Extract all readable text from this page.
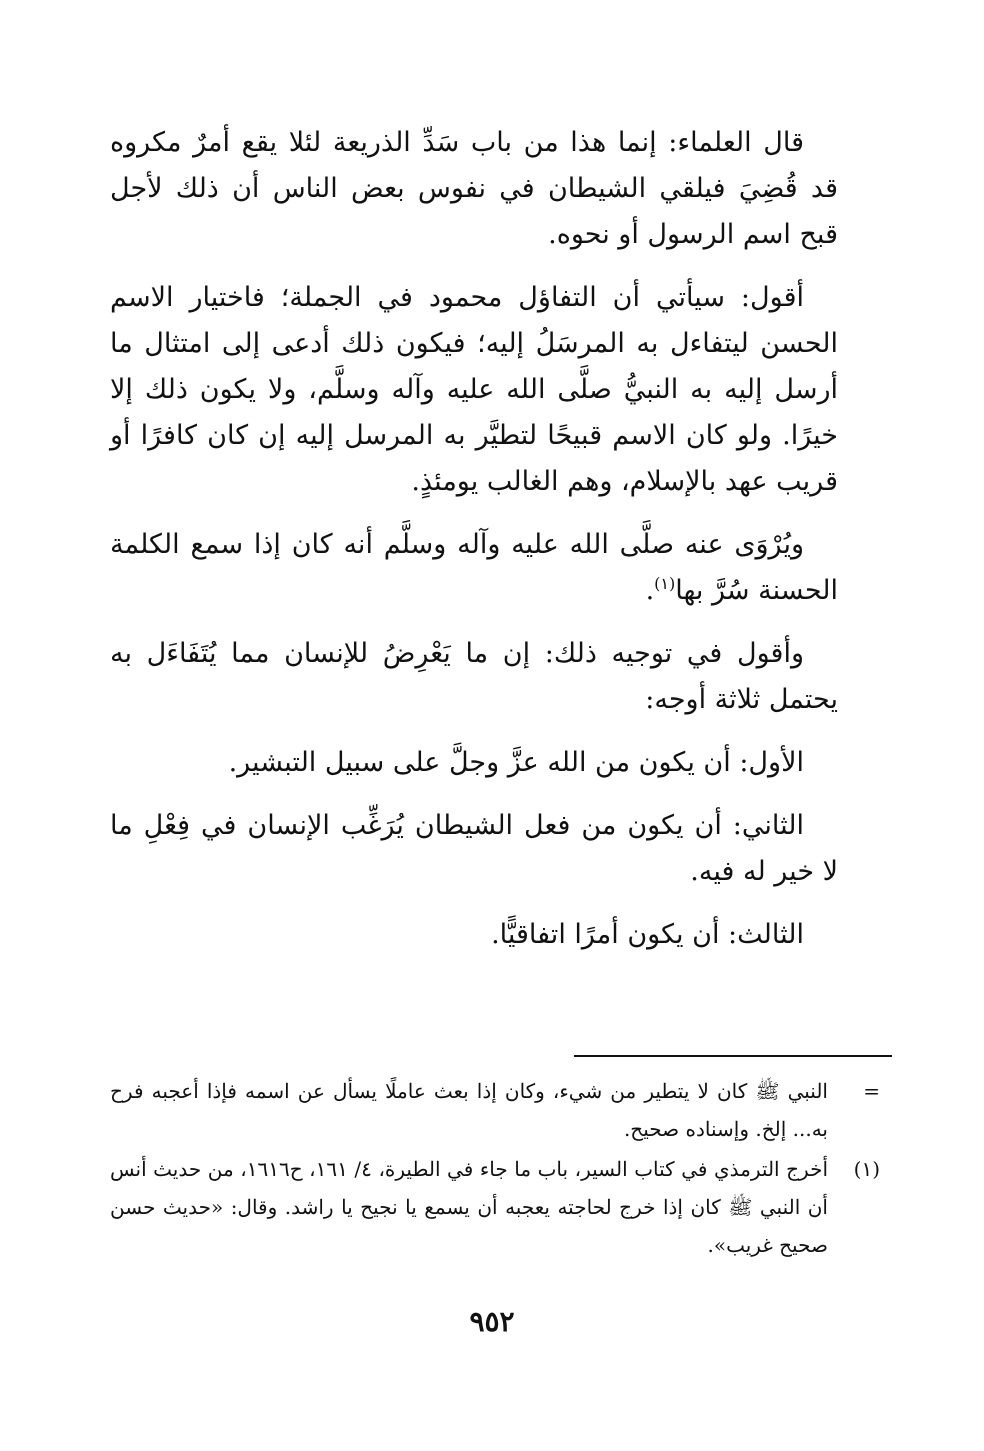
قال العلماء: إنما هذا من باب سَدِّ الذريعة لئلا يقع أمرٌ مكروه قد قُضِيَ فيلقي الشيطان في نفوس بعض الناس أن ذلك لأجل قبح اسم الرسول أو نحوه.

أقول: سيأتي أن التفاؤل محمود في الجملة؛ فاختيار الاسم الحسن ليتفاءل به المرسَلُ إليه؛ فيكون ذلك أدعى إلى امتثال ما أرسل إليه به النبيُّ صلَّى الله عليه وآله وسلَّم، ولا يكون ذلك إلا خيرًا. ولو كان الاسم قبيحًا لتطيَّر به المرسل إليه إن كان كافرًا أو قريب عهد بالإسلام، وهم الغالب يومئذٍ.

ويُرْوَى عنه صلَّى الله عليه وآله وسلَّم أنه كان إذا سمع الكلمة الحسنة سُرَّ بها$^{(١)}$.

وأقول في توجيه ذلك: إن ما يَعْرِضُ للإنسان مما يُتَفَاءَل به يحتمل ثلاثة أوجه:

الأول: أن يكون من الله عزَّ وجلَّ على سبيل التبشير.

الثاني: أن يكون من فعل الشيطان يُرَغِّب الإنسان في فِعْلِ ما لا خير له فيه.

الثالث: أن يكون أمرًا اتفاقيًّا.

=
النبي ﷺ كان لا يتطير من شيء، وكان إذا بعث عاملًا يسأل عن اسمه فإذا أعجبه فرح به... إلخ. وإسناده صحيح.
(١)
أخرج الترمذي في كتاب السير، باب ما جاء في الطيرة، ٤/ ١٦١، ح١٦١٦، من حديث أنس أن النبي ﷺ كان إذا خرج لحاجته يعجبه أن يسمع يا نجيح يا راشد. وقال: «حديث حسن صحيح غريب».
٩٥٢
